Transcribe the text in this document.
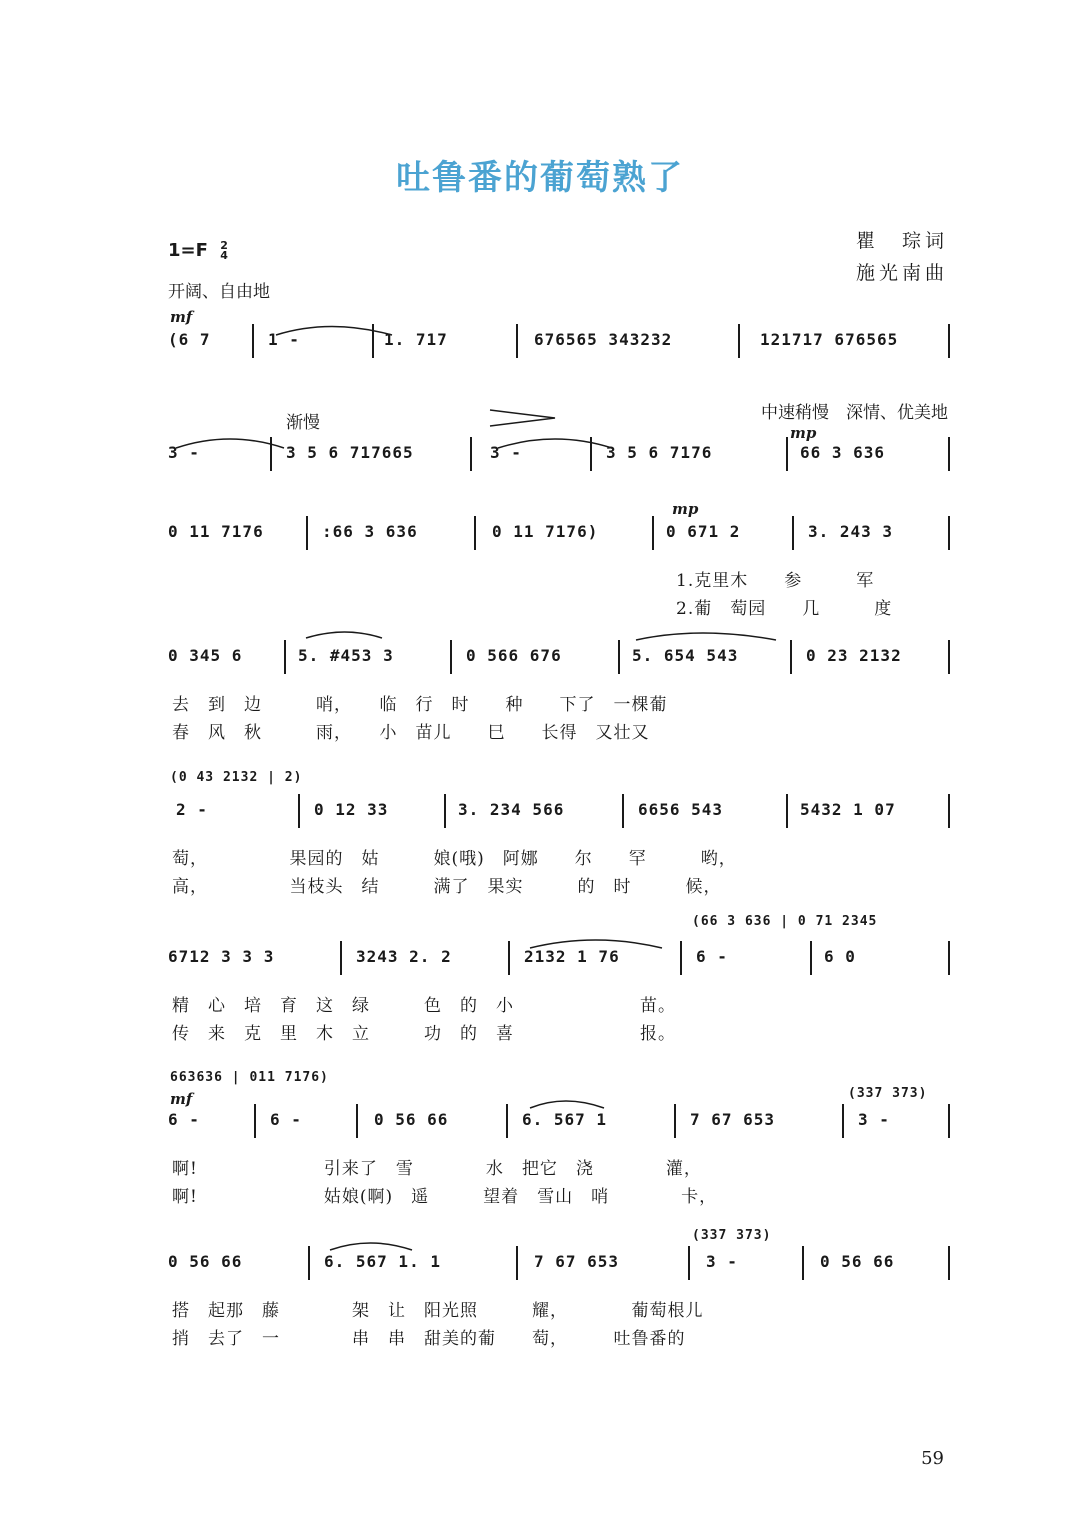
吐鲁番的葡萄熟了
瞿　琮词
施光南曲
1=F 2
4
开阔、自由地
渐慢	中速稍慢　深情、优美地
mf
mp
mp
mf
(6 7	1 -	1. 717	676565 343232	121717 676565
3 -	3 5 6 717665	3 -	3 5 6 7176	66 3 636
0 11 7176	:66 3 636	0 11 7176)	0 671 2	3. 243 3
1.克里木　　参　　　军
2.葡　萄园　　几　　　度
0 345 6	5. #453 3	0 566 676	5. 654 543	0 23 2132
去　到　边　　　哨，　　临　行　时　　种　　下了　一棵葡
春　风　秋　　　雨，　　小　苗儿　　巳　　长得　又壮又
2 -	0 12 33	3. 234 566	6656 543	5432 1 07
(0 43 2132 | 2)
萄，　　　　　果园的　姑　　　娘(哦)　阿娜　　尔　　罕　　　哟，
高，　　　　　当枝头　结　　　满了　果实　　　的　时　　　候，
6712 3 3 3	3243 2. 2	2132 1 76	6 -	6 0
(66 3 636 | 0 71 2345
精　心　培　育　这　绿　　　色　的　小　　　　　　　苗。
传　来　克　里　木　立　　　功　的　喜　　　　　　　报。
6 -	6 -	0 56 66	6. 567 1	7 67 653	3 -
663636 | 011 7176)
(337 373)
啊!　　　　　　　引来了　雪　　　　水　把它　浇　　　　灌，
啊!　　　　　　　姑娘(啊)　遥　　　望着　雪山　哨　　　　卡，
0 56 66	6. 567 1. 1	7 67 653	3 -	0 56 66
(337 373)
搭　起那　藤　　　　架　让　阳光照　　　耀，　　　　葡萄根儿
捎　去了　一　　　　串　串　甜美的葡　　萄，　　　吐鲁番的
59
